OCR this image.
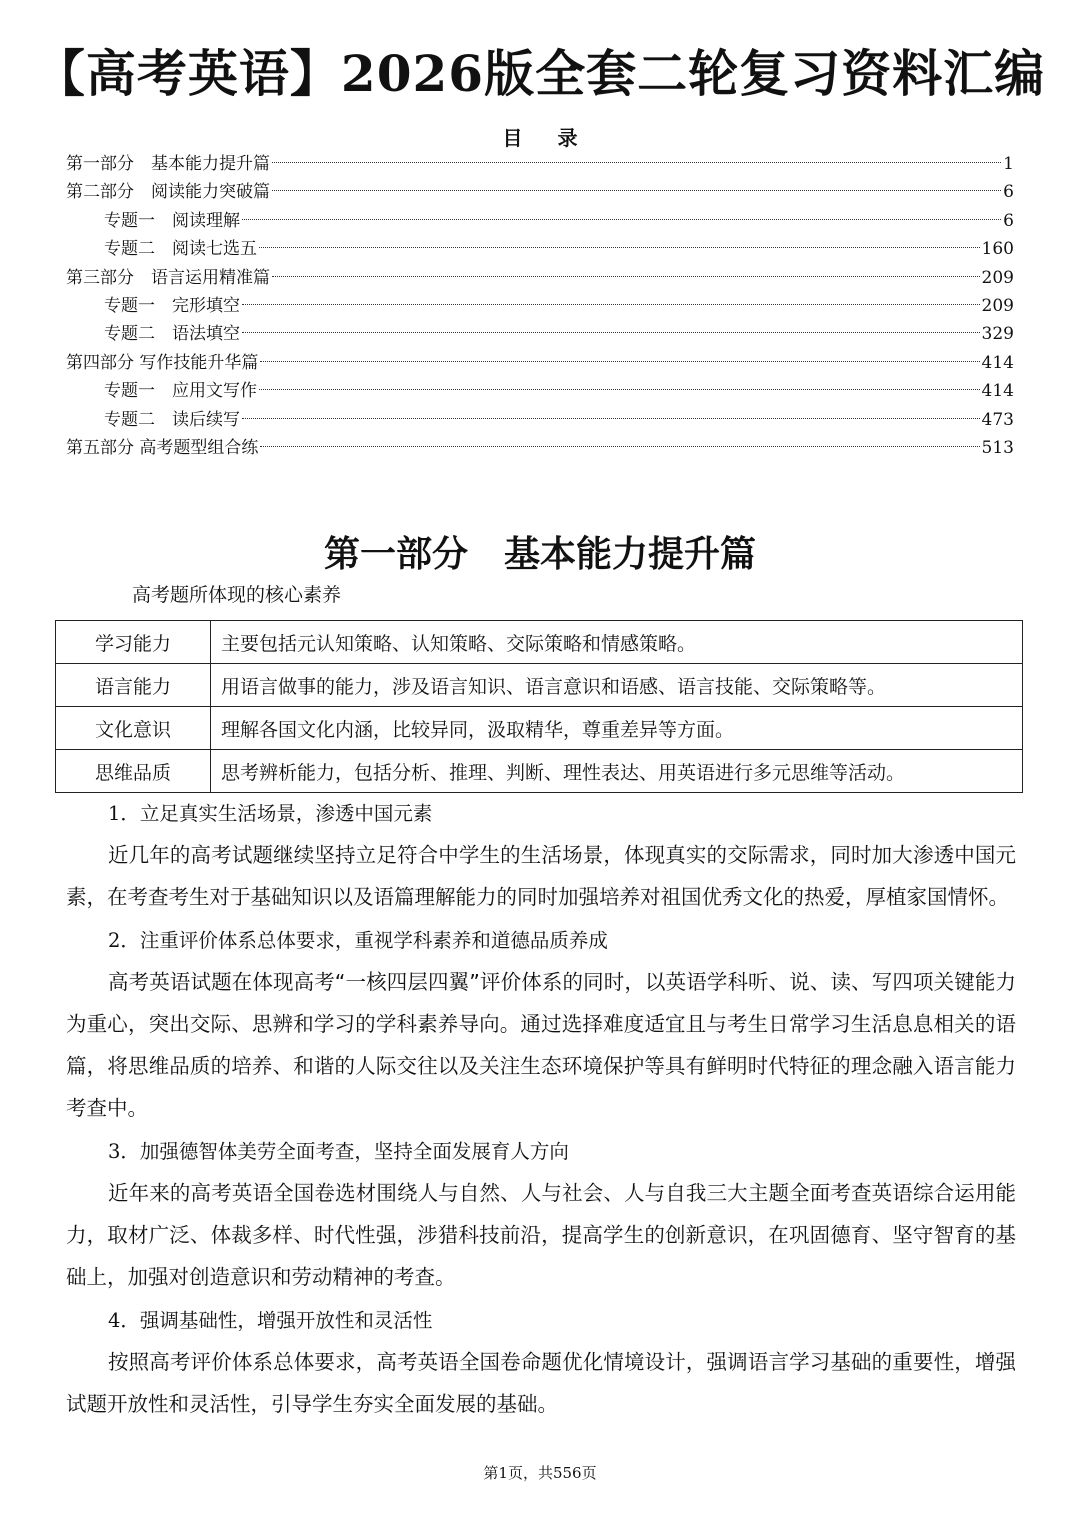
【高考英语】2026版全套二轮复习资料汇编
目 录
第一部分　基本能力提升篇	1
第二部分　阅读能力突破篇	6
专题一　阅读理解	6
专题二　阅读七选五	160
第三部分　语言运用精准篇	209
专题一　完形填空	209
专题二　语法填空	329
第四部分 写作技能升华篇	414
专题一　应用文写作	414
专题二　读后续写	473
第五部分 高考题型组合练	513
第一部分　基本能力提升篇
高考题所体现的核心素养
学习能力	主要包括元认知策略、认知策略、交际策略和情感策略。
语言能力	用语言做事的能力，涉及语言知识、语言意识和语感、语言技能、交际策略等。
文化意识	理解各国文化内涵，比较异同，汲取精华，尊重差异等方面。
思维品质	思考辨析能力，包括分析、推理、判断、理性表达、用英语进行多元思维等活动。
1．立足真实生活场景，渗透中国元素
近几年的高考试题继续坚持立足符合中学生的生活场景，体现真实的交际需求，同时加大渗透中国元素，在考查考生对于基础知识以及语篇理解能力的同时加强培养对祖国优秀文化的热爱，厚植家国情怀。
2．注重评价体系总体要求，重视学科素养和道德品质养成
高考英语试题在体现高考“一核四层四翼”评价体系的同时，以英语学科听、说、读、写四项关键能力为重心，突出交际、思辨和学习的学科素养导向。通过选择难度适宜且与考生日常学习生活息息相关的语篇，将思维品质的培养、和谐的人际交往以及关注生态环境保护等具有鲜明时代特征的理念融入语言能力考查中。
3．加强德智体美劳全面考查，坚持全面发展育人方向
近年来的高考英语全国卷选材围绕人与自然、人与社会、人与自我三大主题全面考查英语综合运用能力，取材广泛、体裁多样、时代性强，涉猎科技前沿，提高学生的创新意识，在巩固德育、坚守智育的基础上，加强对创造意识和劳动精神的考查。
4．强调基础性，增强开放性和灵活性
按照高考评价体系总体要求，高考英语全国卷命题优化情境设计，强调语言学习基础的重要性，增强试题开放性和灵活性，引导学生夯实全面发展的基础。
第1页，共556页
